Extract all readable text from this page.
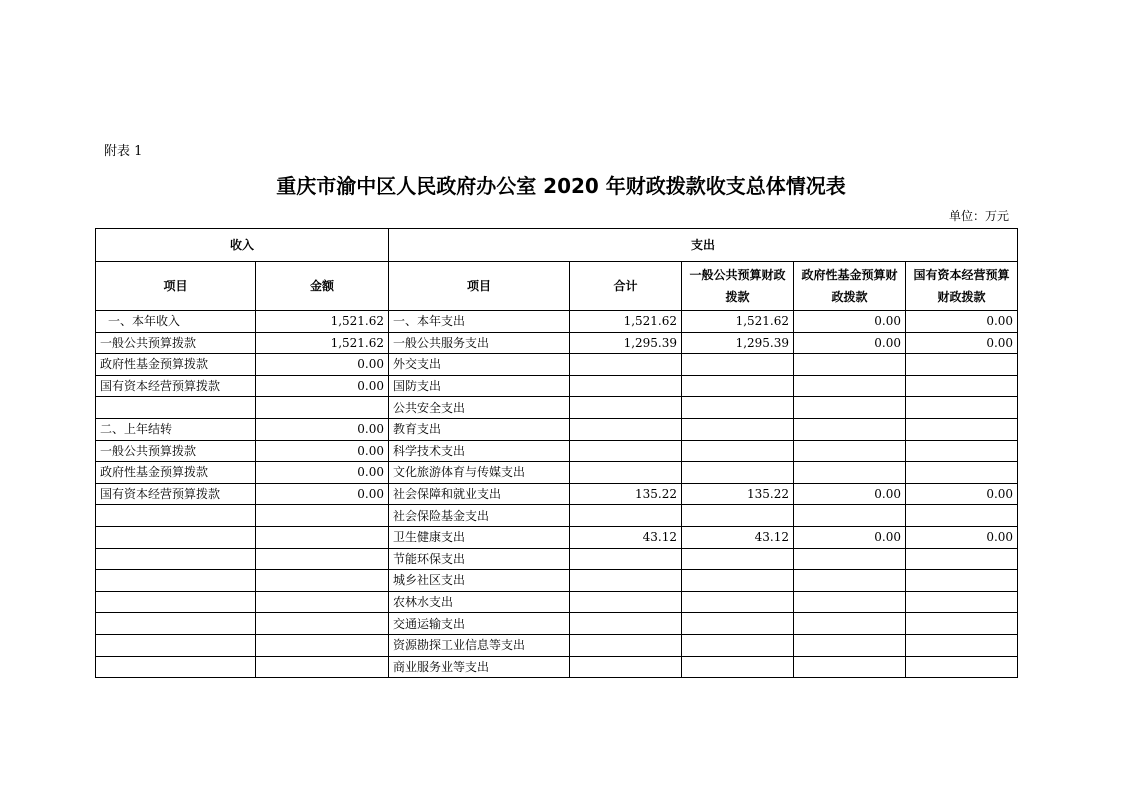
附表 1
重庆市渝中区人民政府办公室 2020 年财政拨款收支总体情况表
单位：万元
收入		支出				
项目	金额	项目	合计	一般公共预算财政拨款	政府性基金预算财政拨款	国有资本经营预算财政拨款
一、本年收入	1,521.62	一、本年支出	1,521.62	1,521.62	0.00	0.00
一般公共预算拨款	1,521.62	一般公共服务支出	1,295.39	1,295.39	0.00	0.00
政府性基金预算拨款	0.00	外交支出				
国有资本经营预算拨款	0.00	国防支出				
		公共安全支出				
二、上年结转	0.00	教育支出				
一般公共预算拨款	0.00	科学技术支出				
政府性基金预算拨款	0.00	文化旅游体育与传媒支出				
国有资本经营预算拨款	0.00	社会保障和就业支出	135.22	135.22	0.00	0.00
		社会保险基金支出				
		卫生健康支出	43.12	43.12	0.00	0.00
		节能环保支出				
		城乡社区支出				
		农林水支出				
		交通运输支出				
		资源勘探工业信息等支出				
		商业服务业等支出				
